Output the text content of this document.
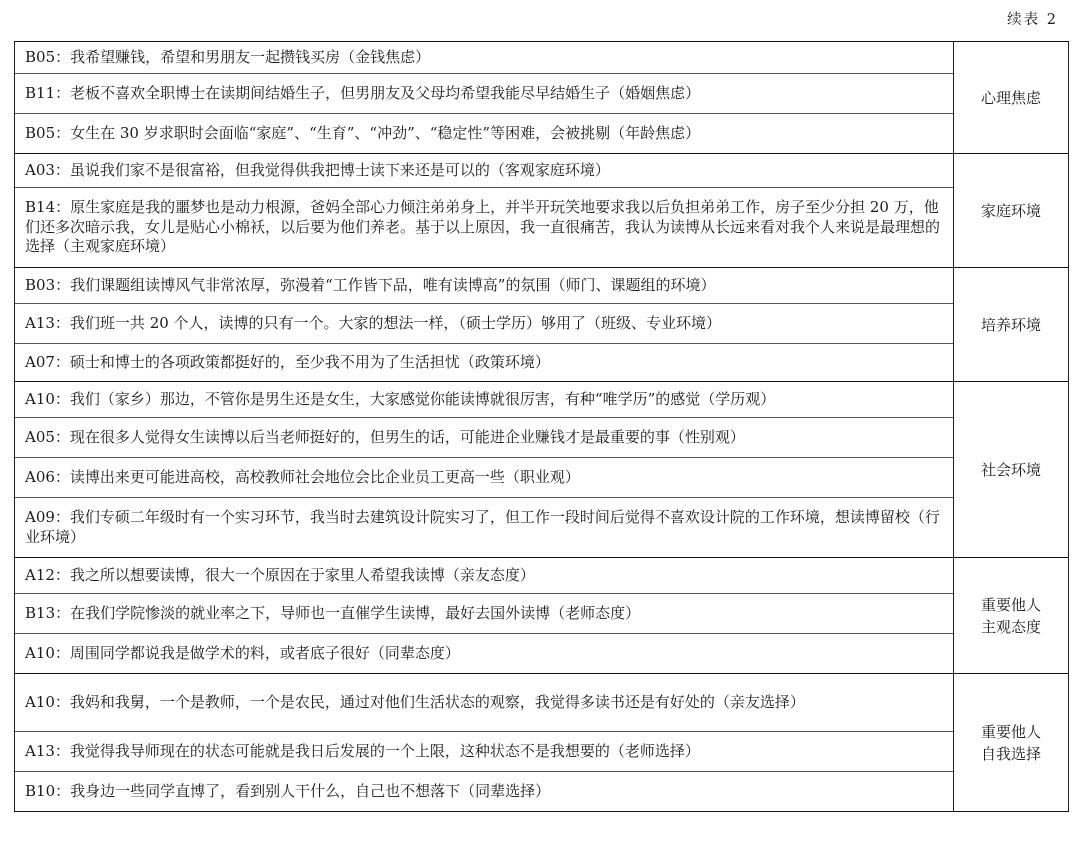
续表 2
B05：我希望赚钱，希望和男朋友一起攒钱买房（金钱焦虑）	心理焦虑

B11：老板不喜欢全职博士在读期间结婚生子，但男朋友及父母均希望我能尽早结婚生子（婚姻焦虑）	
B05：女生在 30 岁求职时会面临“家庭”、“生育”、“冲劲”、“稳定性”等困难，会被挑剔（年龄焦虑）	
A03：虽说我们家不是很富裕，但我觉得供我把博士读下来还是可以的（客观家庭环境）	家庭环境

B14：原生家庭是我的噩梦也是动力根源，爸妈全部心力倾注弟弟身上，并半开玩笑地要求我以后负担弟弟工作，房子至少分担 20 万，他们还多次暗示我，女儿是贴心小棉袄，以后要为他们养老。基于以上原因，我一直很痛苦，我认为读博从长远来看对我个人来说是最理想的选择（主观家庭环境）	
B03：我们课题组读博风气非常浓厚，弥漫着“工作皆下品，唯有读博高”的氛围（师门、课题组的环境）	培养环境

A13：我们班一共 20 个人，读博的只有一个。大家的想法一样，（硕士学历）够用了（班级、专业环境）	
A07：硕士和博士的各项政策都挺好的，至少我不用为了生活担忧（政策环境）	
A10：我们（家乡）那边，不管你是男生还是女生，大家感觉你能读博就很厉害，有种“唯学历”的感觉（学历观）	社会环境

A05：现在很多人觉得女生读博以后当老师挺好的，但男生的话，可能进企业赚钱才是最重要的事（性别观）	
A06：读博出来更可能进高校，高校教师社会地位会比企业员工更高一些（职业观）	
A09：我们专硕二年级时有一个实习环节，我当时去建筑设计院实习了，但工作一段时间后觉得不喜欢设计院的工作环境，想读博留校（行业环境）	
A12：我之所以想要读博，很大一个原因在于家里人希望我读博（亲友态度）	重要他人
主观态度

B13：在我们学院惨淡的就业率之下，导师也一直催学生读博，最好去国外读博（老师态度）	
A10：周围同学都说我是做学术的料，或者底子很好（同辈态度）	
A10：我妈和我舅，一个是教师，一个是农民，通过对他们生活状态的观察，我觉得多读书还是有好处的（亲友选择）	重要他人
自我选择

A13：我觉得我导师现在的状态可能就是我日后发展的一个上限，这种状态不是我想要的（老师选择）	
B10：我身边一些同学直博了，看到别人干什么，自己也不想落下（同辈选择）	
